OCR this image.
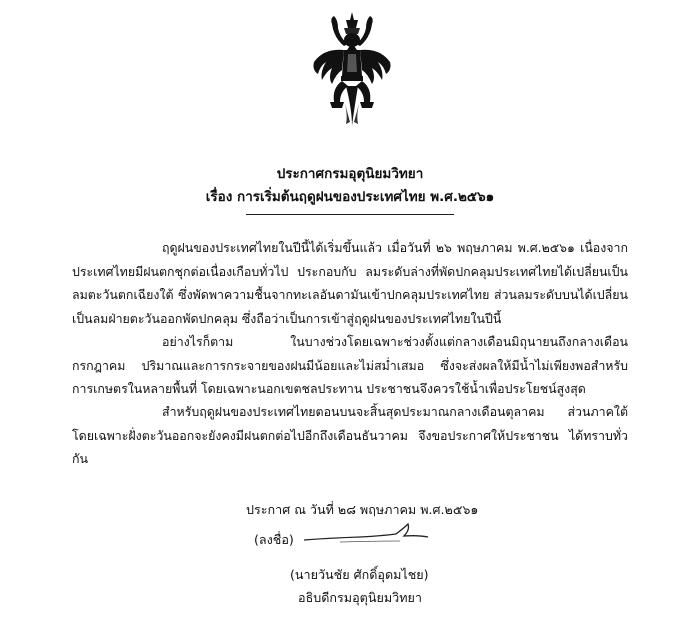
ประกาศกรมอุตุนิยมวิทยา
เรื่อง การเริ่มต้นฤดูฝนของประเทศไทย พ.ศ.๒๕๖๑
ฤดูฝนของประเทศไทยในปีนี้ได้เริ่มขึ้นแล้ว เมื่อวันที่ ๒๖ พฤษภาคม พ.ศ.๒๕๖๑ เนื่องจากประเทศไทยมีฝนตกชุกต่อเนื่องเกือบทั่วไป ประกอบกับ ลมระดับล่างที่พัดปกคลุมประเทศไทยได้เปลี่ยนเป็นลมตะวันตกเฉียงใต้ ซึ่งพัดพาความชื้นจากทะเลอันดามันเข้าปกคลุมประเทศไทย ส่วนลมระดับบนได้เปลี่ยนเป็นลมฝ่ายตะวันออกพัดปกคลุม ซึ่งถือว่าเป็นการเข้าสู่ฤดูฝนของประเทศไทยในปีนี้
อย่างไรก็ตาม ในบางช่วงโดยเฉพาะช่วงตั้งแต่กลางเดือนมิถุนายนถึงกลางเดือนกรกฎาคม ปริมาณและการกระจายของฝนมีน้อยและไม่สม่ำเสมอ ซึ่งจะส่งผลให้มีน้ำไม่เพียงพอสำหรับการเกษตรในหลายพื้นที่ โดยเฉพาะนอกเขตชลประทาน ประชาชนจึงควรใช้น้ำเพื่อประโยชน์สูงสุด
สำหรับฤดูฝนของประเทศไทยตอนบนจะสิ้นสุดประมาณกลางเดือนตุลาคม ส่วนภาคใต้โดยเฉพาะฝั่งตะวันออกจะยังคงมีฝนตกต่อไปอีกถึงเดือนธันวาคม จึงขอประกาศให้ประชาชน ได้ทราบทั่วกัน
ประกาศ ณ วันที่ ๒๘ พฤษภาคม พ.ศ.๒๕๖๑
(ลงชื่อ)
(นายวันชัย ศักดิ์อุดมไชย)
อธิบดีกรมอุตุนิยมวิทยา
